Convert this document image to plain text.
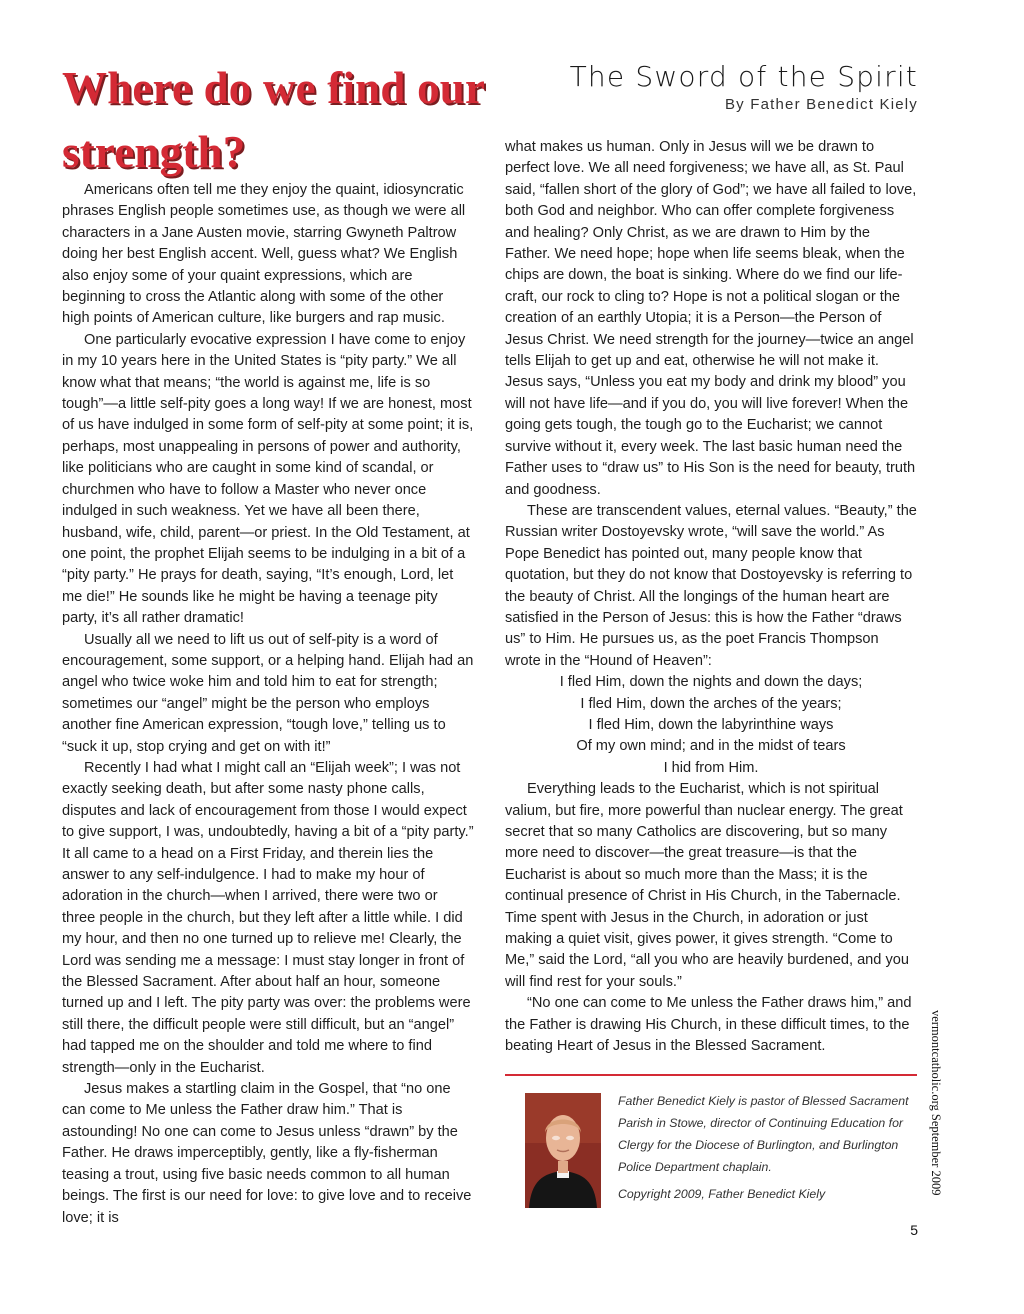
Where do we find our strength?
The Sword of the Spirit
By Father Benedict Kiely

Americans often tell me they enjoy the quaint, idiosyncratic phrases English people sometimes use, as though we were all characters in a Jane Austen movie, starring Gwyneth Paltrow doing her best English accent. Well, guess what? We English also enjoy some of your quaint expressions, which are beginning to cross the Atlantic along with some of the other high points of American culture, like burgers and rap music.

One particularly evocative expression I have come to enjoy in my 10 years here in the United States is “pity party.” We all know what that means; “the world is against me, life is so tough”—a little self-pity goes a long way! If we are honest, most of us have indulged in some form of self-pity at some point; it is, perhaps, most unappealing in persons of power and authority, like politicians who are caught in some kind of scandal, or churchmen who have to follow a Master who never once indulged in such weakness. Yet we have all been there, husband, wife, child, parent—or priest. In the Old Testament, at one point, the prophet Elijah seems to be indulging in a bit of a “pity party.” He prays for death, saying, “It’s enough, Lord, let me die!” He sounds like he might be having a teenage pity party, it’s all rather dramatic!

Usually all we need to lift us out of self-pity is a word of encouragement, some support, or a helping hand. Elijah had an angel who twice woke him and told him to eat for strength; sometimes our “angel” might be the person who employs another fine American expression, “tough love,” telling us to “suck it up, stop crying and get on with it!”

Recently I had what I might call an “Elijah week”; I was not exactly seeking death, but after some nasty phone calls, disputes and lack of encouragement from those I would expect to give support, I was, undoubtedly, having a bit of a “pity party.” It all came to a head on a First Friday, and therein lies the answer to any self-indulgence. I had to make my hour of adoration in the church—when I arrived, there were two or three people in the church, but they left after a little while. I did my hour, and then no one turned up to relieve me! Clearly, the Lord was sending me a message: I must stay longer in front of the Blessed Sacrament. After about half an hour, someone turned up and I left. The pity party was over: the problems were still there, the difficult people were still difficult, but an “angel” had tapped me on the shoulder and told me where to find strength—only in the Eucharist.

Jesus makes a startling claim in the Gospel, that “no one can come to Me unless the Father draw him.” That is astounding! No one can come to Jesus unless “drawn” by the Father. He draws imperceptibly, gently, like a fly-fisherman teasing a trout, using five basic needs common to all human beings. The first is our need for love: to give love and to receive love; it is

what makes us human. Only in Jesus will we be drawn to perfect love. We all need forgiveness; we have all, as St. Paul said, “fallen short of the glory of God”; we have all failed to love, both God and neighbor. Who can offer complete forgiveness and healing? Only Christ, as we are drawn to Him by the Father. We need hope; hope when life seems bleak, when the chips are down, the boat is sinking. Where do we find our life-craft, our rock to cling to? Hope is not a political slogan or the creation of an earthly Utopia; it is a Person—the Person of Jesus Christ. We need strength for the journey—twice an angel tells Elijah to get up and eat, otherwise he will not make it. Jesus says, “Unless you eat my body and drink my blood” you will not have life—and if you do, you will live forever! When the going gets tough, the tough go to the Eucharist; we cannot survive without it, every week. The last basic human need the Father uses to “draw us” to His Son is the need for beauty, truth and goodness.

These are transcendent values, eternal values. “Beauty,” the Russian writer Dostoyevsky wrote, “will save the world.” As Pope Benedict has pointed out, many people know that quotation, but they do not know that Dostoyevsky is referring to the beauty of Christ. All the longings of the human heart are satisfied in the Person of Jesus: this is how the Father “draws us” to Him. He pursues us, as the poet Francis Thompson wrote in the “Hound of Heaven”:

I fled Him, down the nights and down the days;
I fled Him, down the arches of the years;
I fled Him, down the labyrinthine ways
Of my own mind; and in the midst of tears
I hid from Him.

Everything leads to the Eucharist, which is not spiritual valium, but fire, more powerful than nuclear energy. The great secret that so many Catholics are discovering, but so many more need to discover—the great treasure—is that the Eucharist is about so much more than the Mass; it is the continual presence of Christ in His Church, in the Tabernacle. Time spent with Jesus in the Church, in adoration or just making a quiet visit, gives power, it gives strength. “Come to Me,” said the Lord, “all you who are heavily burdened, and you will find rest for your souls.”

“No one can come to Me unless the Father draws him,” and the Father is drawing His Church, in these difficult times, to the beating Heart of Jesus in the Blessed Sacrament.

Father Benedict Kiely is pastor of Blessed Sacrament Parish in Stowe, director of Continuing Education for Clergy for the Diocese of Burlington, and Burlington Police Department chaplain.

Copyright 2009, Father Benedict Kiely	vermontcatholic.org September 2009
5
